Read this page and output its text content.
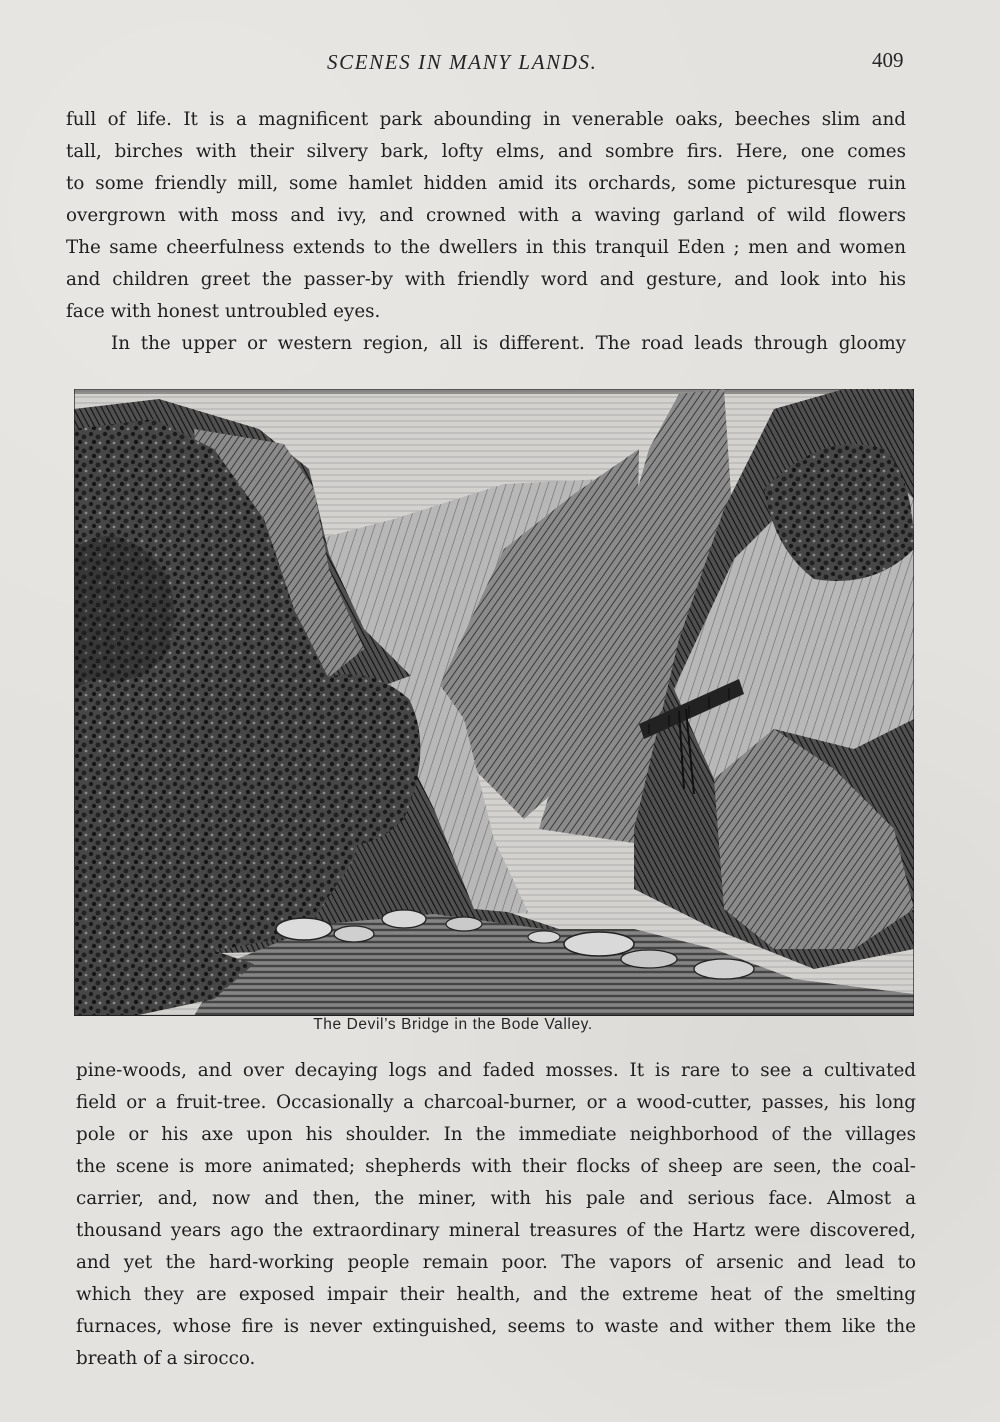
SCENES IN MANY LANDS.	409
full of life. It is a magnificent park abounding in venerable oaks, beeches slim and
tall, birches with their silvery bark, lofty elms, and sombre firs. Here, one comes
to some friendly mill, some hamlet hidden amid its orchards, some picturesque ruin
overgrown with moss and ivy, and crowned with a waving garland of wild flowers
The same cheerfulness extends to the dwellers in this tranquil Eden ; men and women
and children greet the passer-by with friendly word and gesture, and look into his
face with honest untroubled eyes.
In the upper or western region, all is different. The road leads through gloomy
The Devil’s Bridge in the Bode Valley.
pine-woods, and over decaying logs and faded mosses. It is rare to see a cultivated
field or a fruit-tree. Occasionally a charcoal-burner, or a wood-cutter, passes, his long
pole or his axe upon his shoulder. In the immediate neighborhood of the villages
the scene is more animated; shepherds with their flocks of sheep are seen, the coal-
carrier, and, now and then, the miner, with his pale and serious face. Almost a
thousand years ago the extraordinary mineral treasures of the Hartz were discovered,
and yet the hard-working people remain poor. The vapors of arsenic and lead to
which they are exposed impair their health, and the extreme heat of the smelting
furnaces, whose fire is never extinguished, seems to waste and wither them like the
breath of a sirocco.
